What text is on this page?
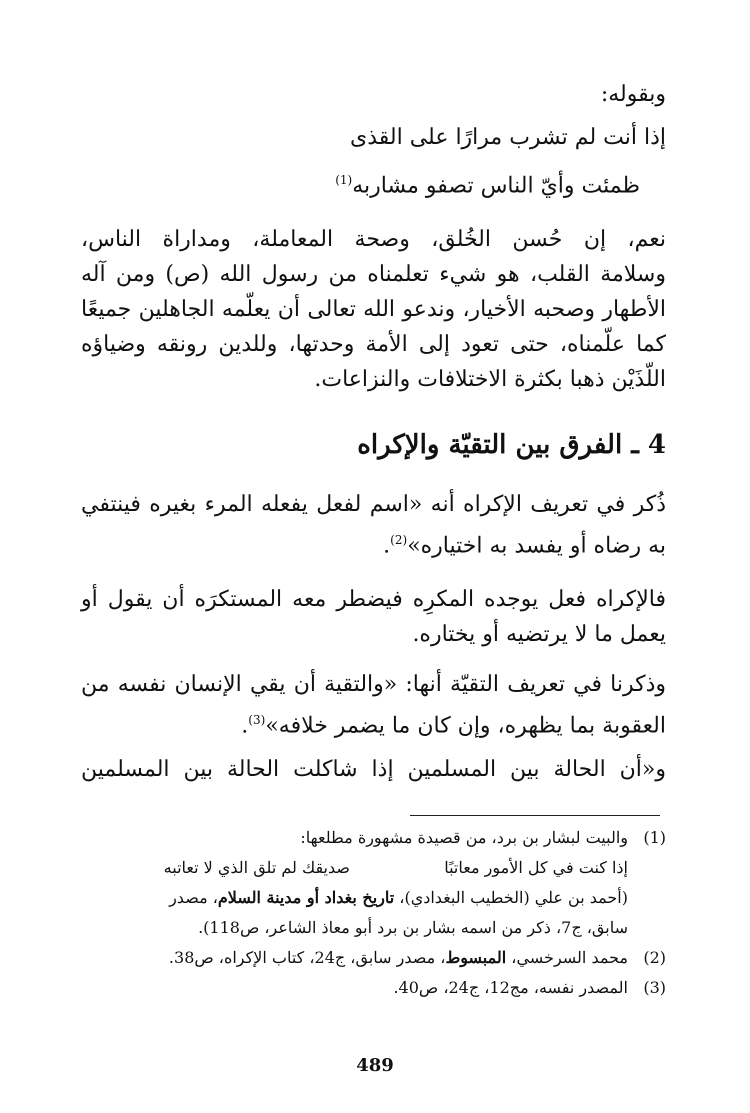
وبقوله:
إذا أنت لم تشرب مرارًا على القذى
ظمئت وأيّ الناس تصفو مشاربه$^{(1)}$
نعم، إن حُسن الخُلق، وصحة المعاملة، ومداراة الناس،
وسلامة القلب، هو شيء تعلمناه من رسول الله (ص) ومن آله
الأطهار وصحبه الأخيار، وندعو الله تعالى أن يعلّمه الجاهلين جميعًا
كما علّمناه، حتى تعود إلى الأمة وحدتها، وللدين رونقه وضياؤه
اللّذَيْن ذهبا بكثرة الاختلافات والنزاعات.
4 ـ الفرق بين التقيّة والإكراه
ذُكر في تعريف الإكراه أنه «اسم لفعل يفعله المرء بغيره فينتفي
به رضاه أو يفسد به اختياره»$^{(2)}$.
فالإكراه فعل يوجده المكرِه فيضطر معه المستكرَه أن يقول أو
يعمل ما لا يرتضيه أو يختاره.
وذكرنا في تعريف التقيّة أنها: «والتقية أن يقي الإنسان نفسه من
العقوبة بما يظهره، وإن كان ما يضمر خلافه»$^{(3)}$.
و«أن الحالة بين المسلمين إذا شاكلت الحالة بين المسلمين
(1)
والبيت لبشار بن برد، من قصيدة مشهورة مطلعها:
إذا كنت في كل الأمور معاتبًا
صديقك لم تلق الذي لا تعاتبه
(أحمد بن علي (الخطيب البغدادي)، تاريخ بغداد أو مدينة السلام، مصدر
سابق، ج7، ذكر من اسمه بشار بن برد أبو معاذ الشاعر، ص118).
(2)
محمد السرخسي، المبسوط، مصدر سابق، ج24، كتاب الإكراه، ص38.
(3)
المصدر نفسه، مج12، ج24، ص40.
489
